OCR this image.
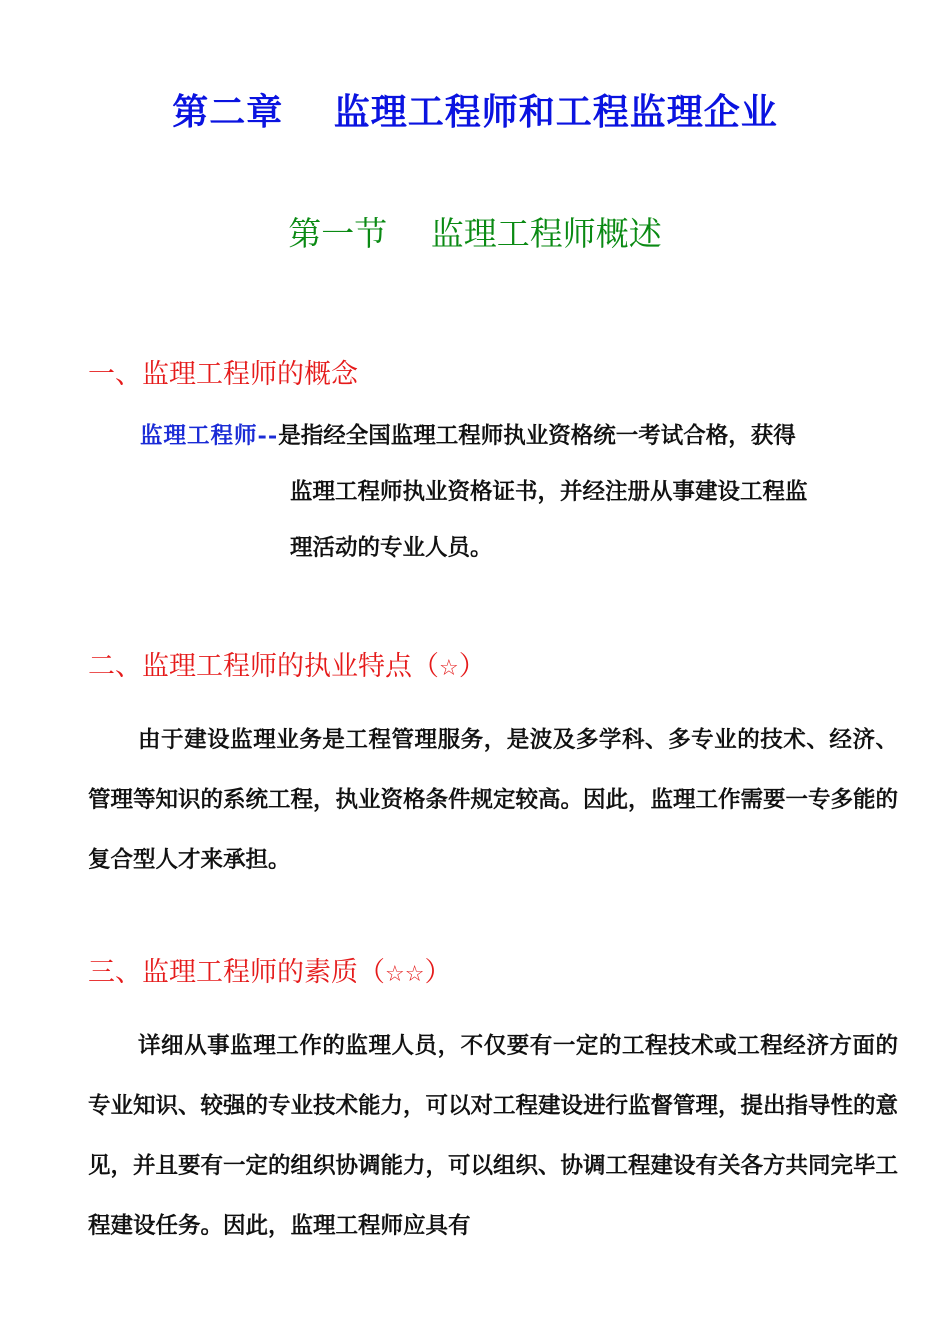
第二章　 监理工程师和工程监理企业
第一节　 监理工程师概述
一、监理工程师的概念
监理工程师--是指经全国监理工程师执业资格统一考试合格，获得
监理工程师执业资格证书，并经注册从事建设工程监
理活动的专业人员。
二、监理工程师的执业特点（☆）
由于建设监理业务是工程管理服务，是波及多学科、多专业的技术、经济、管理等知识的系统工程，执业资格条件规定较高。因此，监理工作需要一专多能的复合型人才来承担。
三、监理工程师的素质（☆☆）
详细从事监理工作的监理人员，不仅要有一定的工程技术或工程经济方面的专业知识、较强的专业技术能力，可以对工程建设进行监督管理，提出指导性的意见，并且要有一定的组织协调能力，可以组织、协调工程建设有关各方共同完毕工程建设任务。因此，监理工程师应具有
